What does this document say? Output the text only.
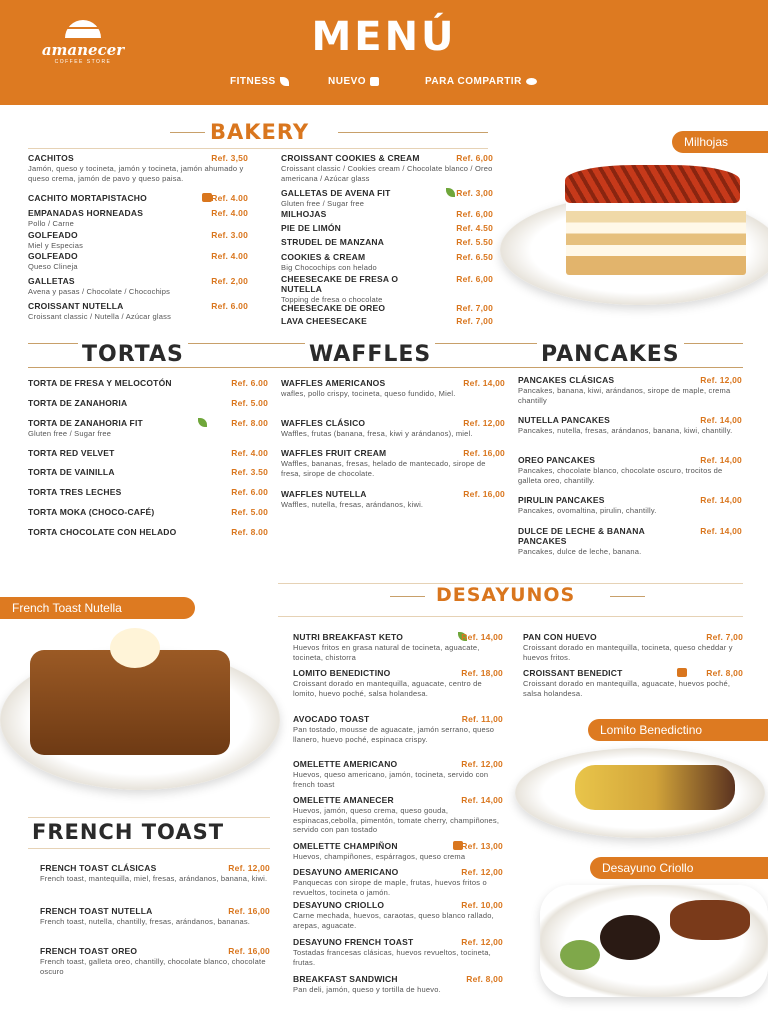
amanecer
COFFEE STORE
MENÚ
FITNESS	NUEVO	PARA COMPARTIR
BAKERY
CACHITOS	Ref. 3,50
Jamón, queso y tocineta, jamón y tocineta, jamón ahumado y queso crema, jamón de pavo y queso paisa.
CACHITO MORTAPISTACHO	Ref. 4.00
EMPANADAS HORNEADAS	Ref. 4.00
Pollo / Carne
GOLFEADO	Ref. 3.00
Miel y Especias
GOLFEADO	Ref. 4.00
Queso Clineja
GALLETAS	Ref. 2,00
Avena y pasas / Chocolate / Chocochips
CROISSANT NUTELLA	Ref. 6.00
Croissant classic / Nutella / Azúcar glass
CROISSANT COOKIES & CREAM	Ref. 6,00
Croissant classic / Cookies cream / Chocolate blanco / Oreo americana / Azúcar glass
GALLETAS DE AVENA FIT	Ref. 3,00
Gluten free / Sugar free
MILHOJAS	Ref. 6,00
PIE DE LIMÓN	Ref. 4.50
STRUDEL DE MANZANA	Ref. 5.50
COOKIES & CREAM	Ref. 6.50
Big Chocochips con helado
CHEESECAKE DE FRESA O NUTELLA
Ref. 6,00
Topping de fresa o chocolate
CHEESECAKE DE OREO	Ref. 7,00
LAVA CHEESECAKE	Ref. 7,00
Milhojas
TORTAS	WAFFLES	PANCAKES
TORTA DE FRESA Y MELOCOTÓN	Ref. 6.00
TORTA DE ZANAHORIA	Ref. 5.00
TORTA DE ZANAHORIA FIT	Ref. 8.00
Gluten free / Sugar free
TORTA RED VELVET	Ref. 4.00
TORTA DE VAINILLA	Ref. 3.50
TORTA TRES LECHES	Ref. 6.00
TORTA MOKA (CHOCO-CAFÉ)	Ref. 5.00
TORTA CHOCOLATE CON HELADO	Ref. 8.00
WAFFLES AMERICANOS	Ref. 14,00
wafles, pollo crispy, tocineta, queso fundido, Miel.
WAFFLES CLÁSICO	Ref. 12,00
Waffles, frutas (banana, fresa, kiwi y arándanos), miel.
WAFFLES FRUIT CREAM	Ref. 16,00
Waffles, bananas, fresas, helado de mantecado, sirope de fresa, sirope de chocolate.
WAFFLES NUTELLA	Ref. 16,00
Waffles, nutella, fresas, arándanos, kiwi.
PANCAKES CLÁSICAS	Ref. 12,00
Pancakes, banana, kiwi, arándanos, sirope de maple, crema chantilly
NUTELLA PANCAKES	Ref. 14,00
Pancakes, nutella, fresas, arándanos, banana, kiwi, chantilly.
OREO PANCAKES	Ref. 14,00
Pancakes, chocolate blanco, chocolate oscuro, trocitos de galleta oreo, chantilly.
PIRULIN PANCAKES	Ref. 14,00
Pancakes, ovomaltina, pirulin, chantilly.
DULCE DE LECHE & BANANA PANCAKES
Ref. 14,00
Pancakes, dulce de leche, banana.
DESAYUNOS
NUTRI BREAKFAST KETO	Ref. 14,00
Huevos fritos en grasa natural de tocineta, aguacate, tocineta, chistorra
LOMITO BENEDICTINO	Ref. 18,00
Croissant dorado en mantequilla, aguacate, centro de lomito, huevo poché, salsa holandesa.
AVOCADO TOAST	Ref. 11,00
Pan tostado, mousse de aguacate, jamón serrano, queso llanero, huevo poché, espinaca crispy.
OMELETTE AMERICANO	Ref. 12,00
Huevos, queso americano, jamón, tocineta, servido con french toast
OMELETTE AMANECER	Ref. 14,00
Huevos, jamón, queso crema, queso gouda, espinacas,cebolla, pimentón, tomate cherry, champiñones, servido con pan tostado
OMELETTE CHAMPIÑON	Ref. 13,00
Huevos, champiñones, espárragos, queso crema
DESAYUNO AMERICANO	Ref. 12,00
Panquecas con sirope de maple, frutas, huevos fritos o revueltos, tocineta o jamón.
DESAYUNO CRIOLLO	Ref. 10,00
Carne mechada, huevos, caraotas, queso blanco rallado, arepas, aguacate.
DESAYUNO FRENCH TOAST	Ref. 12,00
Tostadas francesas clásicas, huevos revueltos, tocineta, frutas.
BREAKFAST SANDWICH	Ref. 8,00
Pan deli, jamón, queso y tortilla de huevo.
PAN CON HUEVO	Ref. 7,00
Croissant dorado en mantequilla, tocineta, queso cheddar y huevos fritos.
CROISSANT BENEDICT	Ref. 8,00
Croissant dorado en mantequilla, aguacate, huevos poché, salsa holandesa.
French Toast Nutella
Lomito Benedictino
Desayuno Criollo
FRENCH TOAST
FRENCH TOAST CLÁSICAS	Ref. 12,00
French toast, mantequilla, miel, fresas, arándanos, banana, kiwi.
FRENCH TOAST NUTELLA	Ref. 16,00
French toast, nutella, chantilly, fresas, arándanos, bananas.
FRENCH TOAST OREO	Ref. 16,00
French toast, galleta oreo, chantilly, chocolate blanco, chocolate oscuro
